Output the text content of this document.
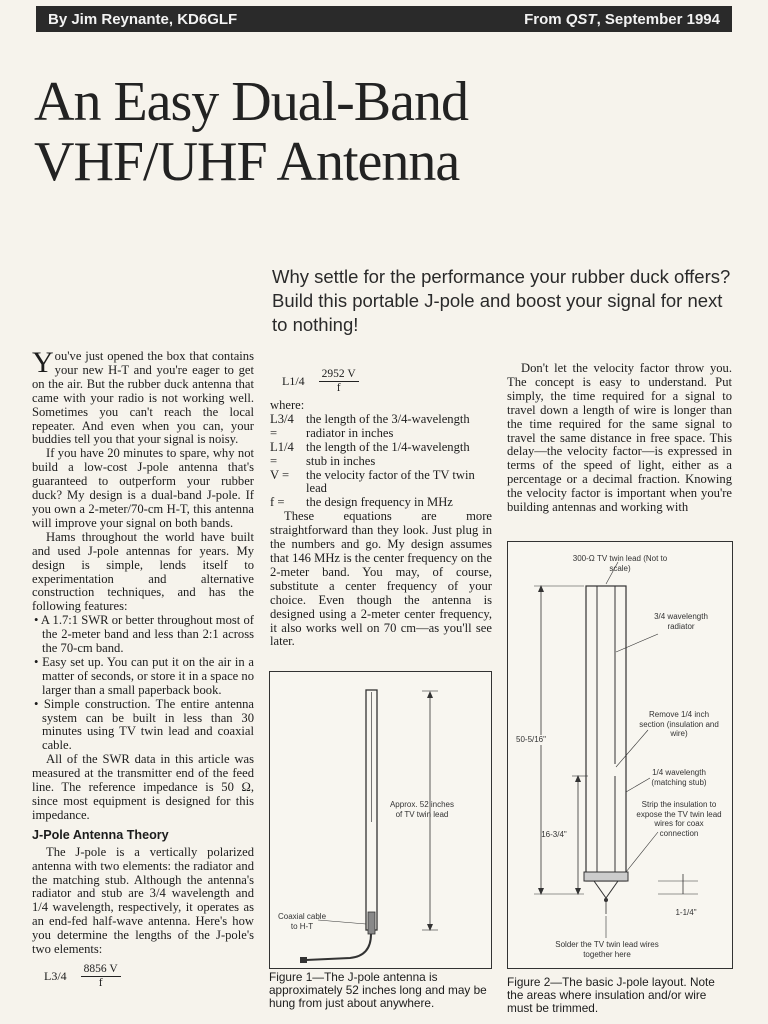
By Jim Reynante, KD6GLF	From QST, September 1994
An Easy Dual-Band
VHF/UHF Antenna
Why settle for the performance your rubber duck offers? Build this portable J-pole and boost your signal for next to nothing!

You've just opened the box that contains your new H-T and you're eager to get on the air. But the rubber duck antenna that came with your radio is not working well. Sometimes you can't reach the local repeater. And even when you can, your buddies tell you that your signal is noisy.

If you have 20 minutes to spare, why not build a low-cost J-pole antenna that's guaranteed to outperform your rubber duck? My design is a dual-band J-pole. If you own a 2-meter/70-cm H-T, this antenna will improve your signal on both bands.

Hams throughout the world have built and used J-pole antennas for years. My design is simple, lends itself to experimentation and alternative construction techniques, and has the following features:

• A 1.7:1 SWR or better throughout most of the 2-meter band and less than 2:1 across the 70-cm band.

• Easy set up. You can put it on the air in a matter of seconds, or store it in a space no larger than a small paperback book.

• Simple construction. The entire antenna system can be built in less than 30 minutes using TV twin lead and coaxial cable.

All of the SWR data in this article was measured at the transmitter end of the feed line. The reference impedance is 50 Ω, since most equipment is designed for this impedance.

J-Pole Antenna Theory

The J-pole is a vertically polarized antenna with two elements: the radiator and the matching stub. Although the antenna's radiator and stub are 3/4 wavelength and 1/4 wavelength, respectively, it operates as an end-fed half-wave antenna. Here's how you determine the lengths of the J-pole's two elements:

$L3/4 \frac{8856 V}{f}$
$L1/4 \frac{2952 V}{f}$

where:

L3/4 =
the length of the 3/4-wavelength radiator in inches
L1/4 =
the length of the 1/4-wavelength stub in inches
V =	the velocity factor of the TV twin lead
f =	the design frequency in MHz

These equations are more straightforward than they look. Just plug in the numbers and go. My design assumes that 146 MHz is the center frequency on the 2-meter band. You may, of course, substitute a center frequency of your choice. Even though the antenna is designed using a 2-meter center frequency, it also works well on 70 cm—as you'll see later.

Don't let the velocity factor throw you. The concept is easy to understand. Put simply, the time required for a signal to travel down a length of wire is longer than the time required for the same signal to travel the same distance in free space. This delay—the velocity factor—is expressed in terms of the speed of light, either as a percentage or a decimal fraction. Knowing the velocity factor is important when you're building antennas and working with

Approx. 52 inches of TV twin lead
Coaxial cable to H-T
Figure 1—The J-pole antenna is approximately 52 inches long and may be hung from just about anywhere.
300-Ω TV twin lead (Not to scale)
3/4 wavelength radiator
Remove 1/4 inch section (insulation and wire)
1/4 wavelength (matching stub)
Strip the insulation to expose the TV twin lead wires for coax connection
50-5/16"
16-3/4"
1-1/4"
Solder the TV twin lead wires together here
Figure 2—The basic J-pole layout. Note the areas where insulation and/or wire must be trimmed.
